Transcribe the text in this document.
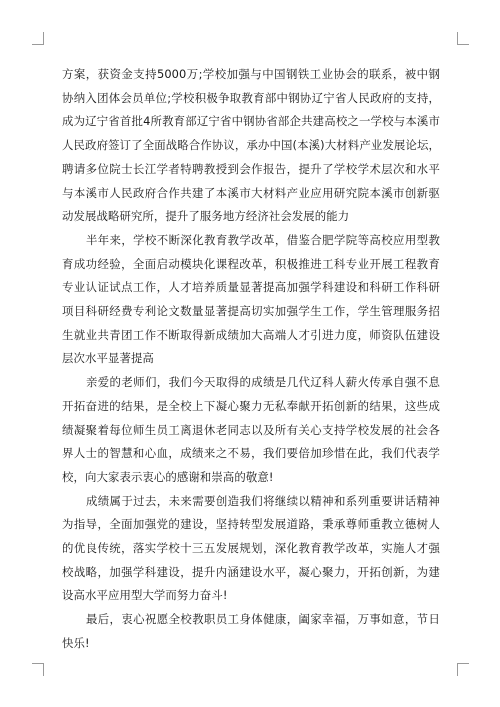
方案，获资金支持5000万;学校加强与中国钢铁工业协会的联系，被中钢协纳入团体会员单位;学校积极争取教育部中钢协辽宁省人民政府的支持，成为辽宁省首批4所教育部辽宁省中钢协省部企共建高校之一学校与本溪市人民政府签订了全面战略合作协议，承办中国(本溪)大材料产业发展论坛，聘请多位院士长江学者特聘教授到会作报告，提升了学校学术层次和水平与本溪市人民政府合作共建了本溪市大材料产业应用研究院本溪市创新驱动发展战略研究所，提升了服务地方经济社会发展的能力

半年来，学校不断深化教育教学改革，借鉴合肥学院等高校应用型教育成功经验，全面启动模块化课程改革，积极推进工科专业开展工程教育专业认证试点工作，人才培养质量显著提高加强学科建设和科研工作科研项目科研经费专利论文数量显著提高切实加强学生工作，学生管理服务招生就业共青团工作不断取得新成绩加大高端人才引进力度，师资队伍建设层次水平显著提高

亲爱的老师们，我们今天取得的成绩是几代辽科人薪火传承自强不息开拓奋进的结果，是全校上下凝心聚力无私奉献开拓创新的结果，这些成绩凝聚着每位师生员工离退休老同志以及所有关心支持学校发展的社会各界人士的智慧和心血，成绩来之不易，我们要倍加珍惜在此，我们代表学校，向大家表示衷心的感谢和崇高的敬意!

成绩属于过去，未来需要创造我们将继续以精神和系列重要讲话精神为指导，全面加强党的建设，坚持转型发展道路，秉承尊师重教立德树人的优良传统，落实学校十三五发展规划，深化教育教学改革，实施人才强校战略，加强学科建设，提升内涵建设水平，凝心聚力，开拓创新，为建设高水平应用型大学而努力奋斗!

最后，衷心祝愿全校教职员工身体健康，阖家幸福，万事如意，节日快乐!
